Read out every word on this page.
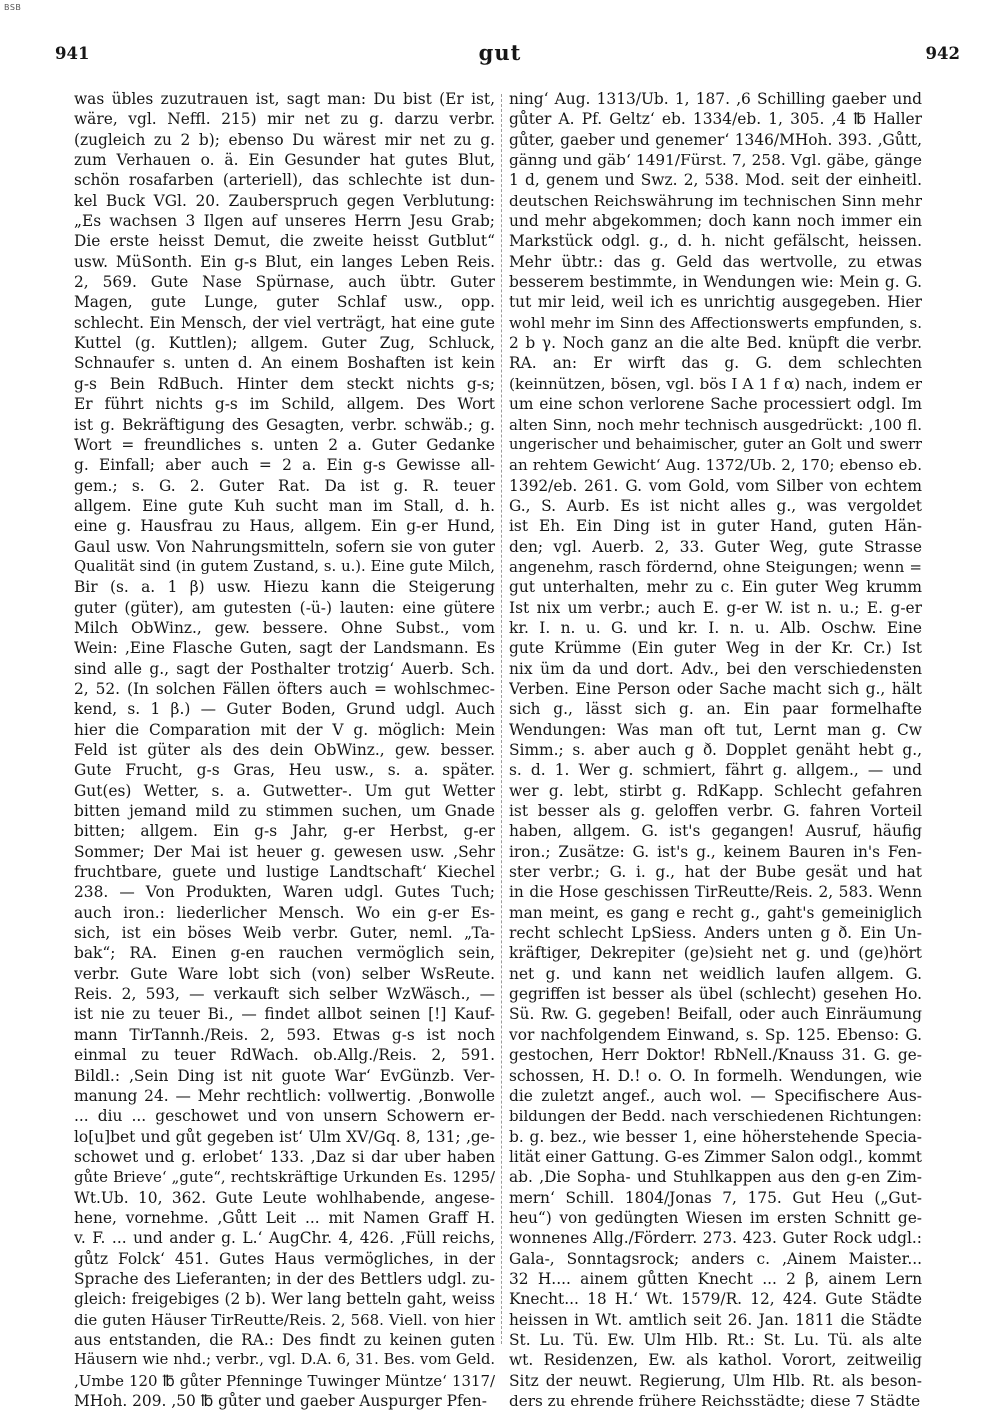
BSB
941	gut	942
was übles zuzutrauen ist, sagt man: Du bist (Er ist,
wäre, vgl. Neffl. 215) mir net zu g. darzu verbr.
(zugleich zu 2 b); ebenso Du wärest mir net zu g.
zum Verhauen o. ä. Ein Gesunder hat gutes Blut,
schön rosafarben (arteriell), das schlechte ist dun-
kel Buck VGl. 20. Zauberspruch gegen Verblutung:
„Es wachsen 3 Ilgen auf unseres Herrn Jesu Grab;
Die erste heisst Demut, die zweite heisst Gutblut“
usw. MüSonth. Ein g-s Blut, ein langes Leben Reis.
2, 569. Gute Nase Spürnase, auch übtr. Guter
Magen, gute Lunge, guter Schlaf usw., opp.
schlecht. Ein Mensch, der viel verträgt, hat eine gute
Kuttel (g. Kuttlen); allgem. Guter Zug, Schluck,
Schnaufer s. unten d. An einem Boshaften ist kein
g-s Bein RdBuch. Hinter dem steckt nichts g-s;
Er führt nichts g-s im Schild, allgem. Des Wort
ist g. Bekräftigung des Gesagten, verbr. schwäb.; g.
Wort = freundliches s. unten 2 a. Guter Gedanke
g. Einfall; aber auch = 2 a. Ein g-s Gewisse all-
gem.; s. G. 2. Guter Rat. Da ist g. R. teuer
allgem. Eine gute Kuh sucht man im Stall, d. h.
eine g. Hausfrau zu Haus, allgem. Ein g-er Hund,
Gaul usw. Von Nahrungsmitteln, sofern sie von guter
Qualität sind (in gutem Zustand, s. u.). Eine gute Milch,
Bir (s. a. 1 β) usw. Hiezu kann die Steigerung
guter (güter), am gutesten (-ü-) lauten: eine gütere
Milch ObWinz., gew. bessere. Ohne Subst., vom
Wein: ‚Eine Flasche Guten, sagt der Landsmann. Es
sind alle g., sagt der Posthalter trotzig‘ Auerb. Sch.
2, 52. (In solchen Fällen öfters auch = wohlschmec-
kend, s. 1 β.) — Guter Boden, Grund udgl. Auch
hier die Comparation mit der V g. möglich: Mein
Feld ist güter als des dein ObWinz., gew. besser.
Gute Frucht, g-s Gras, Heu usw., s. a. später.
Gut(es) Wetter, s. a. Gutwetter-. Um gut Wetter
bitten jemand mild zu stimmen suchen, um Gnade
bitten; allgem. Ein g-s Jahr, g-er Herbst, g-er
Sommer; Der Mai ist heuer g. gewesen usw. ‚Sehr
fruchtbare, guete und lustige Landtschaft‘ Kiechel
238. — Von Produkten, Waren udgl. Gutes Tuch;
auch iron.: liederlicher Mensch. Wo ein g-er Es-
sich, ist ein böses Weib verbr. Guter, neml. „Ta-
bak“; RA. Einen g-en rauchen vermöglich sein,
verbr. Gute Ware lobt sich (von) selber WsReute.
Reis. 2, 593, — verkauft sich selber WzWäsch., —
ist nie zu teuer Bi., — findet allbot seinen [!] Kauf-
mann TirTannh./Reis. 2, 593. Etwas g-s ist noch
einmal zu teuer RdWach. ob.Allg./Reis. 2, 591.
Bildl.: ‚Sein Ding ist nit guote War‘ EvGünzb. Ver-
manung 24. — Mehr rechtlich: vollwertig. ‚Bonwolle
... diu ... geschowet und von unsern Schowern er-
lo[u]bet und gůt gegeben ist‘ Ulm XV/Gq. 8, 131; ‚ge-
schowet und g. erlobet‘ 133. ‚Daz si dar uber haben
gůte Brieve‘ „gute“, rechtskräftige Urkunden Es. 1295/
Wt.Ub. 10, 362. Gute Leute wohlhabende, angese-
hene, vornehme. ‚Gůtt Leit ... mit Namen Graff H.
v. F. ... und ander g. L.‘ AugChr. 4, 426. ‚Füll reichs,
gůtz Folck‘ 451. Gutes Haus vermögliches, in der
Sprache des Lieferanten; in der des Bettlers udgl. zu-
gleich: freigebiges (2 b). Wer lang betteln gaht, weiss
die guten Häuser TirReutte/Reis. 2, 568. Viell. von hier
aus entstanden, die RA.: Des findt zu keinen guten
Häusern wie nhd.; verbr., vgl. D.A. 6, 31. Bes. vom Geld.
‚Umbe 120 ℔ gůter Pfenninge Tuwinger Müntze‘ 1317/
MHoh. 209. ‚50 ℔ gůter und gaeber Auspurger Pfen-
ning‘ Aug. 1313/Ub. 1, 187. ‚6 Schilling gaeber und
gůter A. Pf. Geltz‘ eb. 1334/eb. 1, 305. ‚4 ℔ Haller
gůter, gaeber und genemer‘ 1346/MHoh. 393. ‚Gůtt,
gänng und gäb‘ 1491/Fürst. 7, 258. Vgl. gäbe, gänge
1 d, genem und Swz. 2, 538. Mod. seit der einheitl.
deutschen Reichswährung im technischen Sinn mehr
und mehr abgekommen; doch kann noch immer ein
Markstück odgl. g., d. h. nicht gefälscht, heissen.
Mehr übtr.: das g. Geld das wertvolle, zu etwas
besserem bestimmte, in Wendungen wie: Mein g. G.
tut mir leid, weil ich es unrichtig ausgegeben. Hier
wohl mehr im Sinn des Affectionswerts empfunden, s.
2 b γ. Noch ganz an die alte Bed. knüpft die verbr.
RA. an: Er wirft das g. G. dem schlechten
(keinnützen, bösen, vgl. bös I A 1 f α) nach, indem er
um eine schon verlorene Sache processiert odgl. Im
alten Sinn, noch mehr technisch ausgedrückt: ‚100 fl.
ungerischer und behaimischer, guter an Golt und swerr
an rehtem Gewicht‘ Aug. 1372/Ub. 2, 170; ebenso eb.
1392/eb. 261. G. vom Gold, vom Silber von echtem
G., S. Aurb. Es ist nicht alles g., was vergoldet
ist Eh. Ein Ding ist in guter Hand, guten Hän-
den; vgl. Auerb. 2, 33. Guter Weg, gute Strasse
angenehm, rasch fördernd, ohne Steigungen; wenn =
gut unterhalten, mehr zu c. Ein guter Weg krumm
Ist nix um verbr.; auch E. g-er W. ist n. u.; E. g-er
kr. I. n. u. G. und kr. I. n. u. Alb. Oschw. Eine
gute Krümme (Ein guter Weg in der Kr. Cr.) Ist
nix üm da und dort. Adv., bei den verschiedensten
Verben. Eine Person oder Sache macht sich g., hält
sich g., lässt sich g. an. Ein paar formelhafte
Wendungen: Was man oft tut, Lernt man g. Cw
Simm.; s. aber auch g ð. Dopplet genäht hebt g.,
s. d. 1. Wer g. schmiert, fährt g. allgem., — und
wer g. lebt, stirbt g. RdKapp. Schlecht gefahren
ist besser als g. geloffen verbr. G. fahren Vorteil
haben, allgem. G. ist's gegangen! Ausruf, häufig
iron.; Zusätze: G. ist's g., keinem Bauren in's Fen-
ster verbr.; G. i. g., hat der Bube gesät und hat
in die Hose geschissen TirReutte/Reis. 2, 583. Wenn
man meint, es gang e recht g., gaht's gemeiniglich
recht schlecht LpSiess. Anders unten g ð. Ein Un-
kräftiger, Dekrepiter (ge)sieht net g. und (ge)hört
net g. und kann net weidlich laufen allgem. G.
gegriffen ist besser als übel (schlecht) gesehen Ho.
Sü. Rw. G. gegeben! Beifall, oder auch Einräumung
vor nachfolgendem Einwand, s. Sp. 125. Ebenso: G.
gestochen, Herr Doktor! RbNell./Knauss 31. G. ge-
schossen, H. D.! o. O. In formelh. Wendungen, wie
die zuletzt angef., auch wol. — Specifischere Aus-
bildungen der Bedd. nach verschiedenen Richtungen:
b. g. bez., wie besser 1, eine höherstehende Specia-
lität einer Gattung. G-es Zimmer Salon odgl., kommt
ab. ‚Die Sopha- und Stuhlkappen aus den g-en Zim-
mern‘ Schill. 1804/Jonas 7, 175. Gut Heu („Gut-
heu“) von gedüngten Wiesen im ersten Schnitt ge-
wonnenes Allg./Förderr. 273. 423. Guter Rock udgl.:
Gala-, Sonntagsrock; anders c. ‚Ainem Maister...
32 H.... ainem gůtten Knecht ... 2 β, ainem Lern
Knecht... 18 H.‘ Wt. 1579/R. 12, 424. Gute Städte
heissen in Wt. amtlich seit 26. Jan. 1811 die Städte
St. Lu. Tü. Ew. Ulm Hlb. Rt.: St. Lu. Tü. als alte
wt. Residenzen, Ew. als kathol. Vorort, zeitweilig
Sitz der neuwt. Regierung, Ulm Hlb. Rt. als beson-
ders zu ehrende frühere Reichsstädte; diese 7 Städte
